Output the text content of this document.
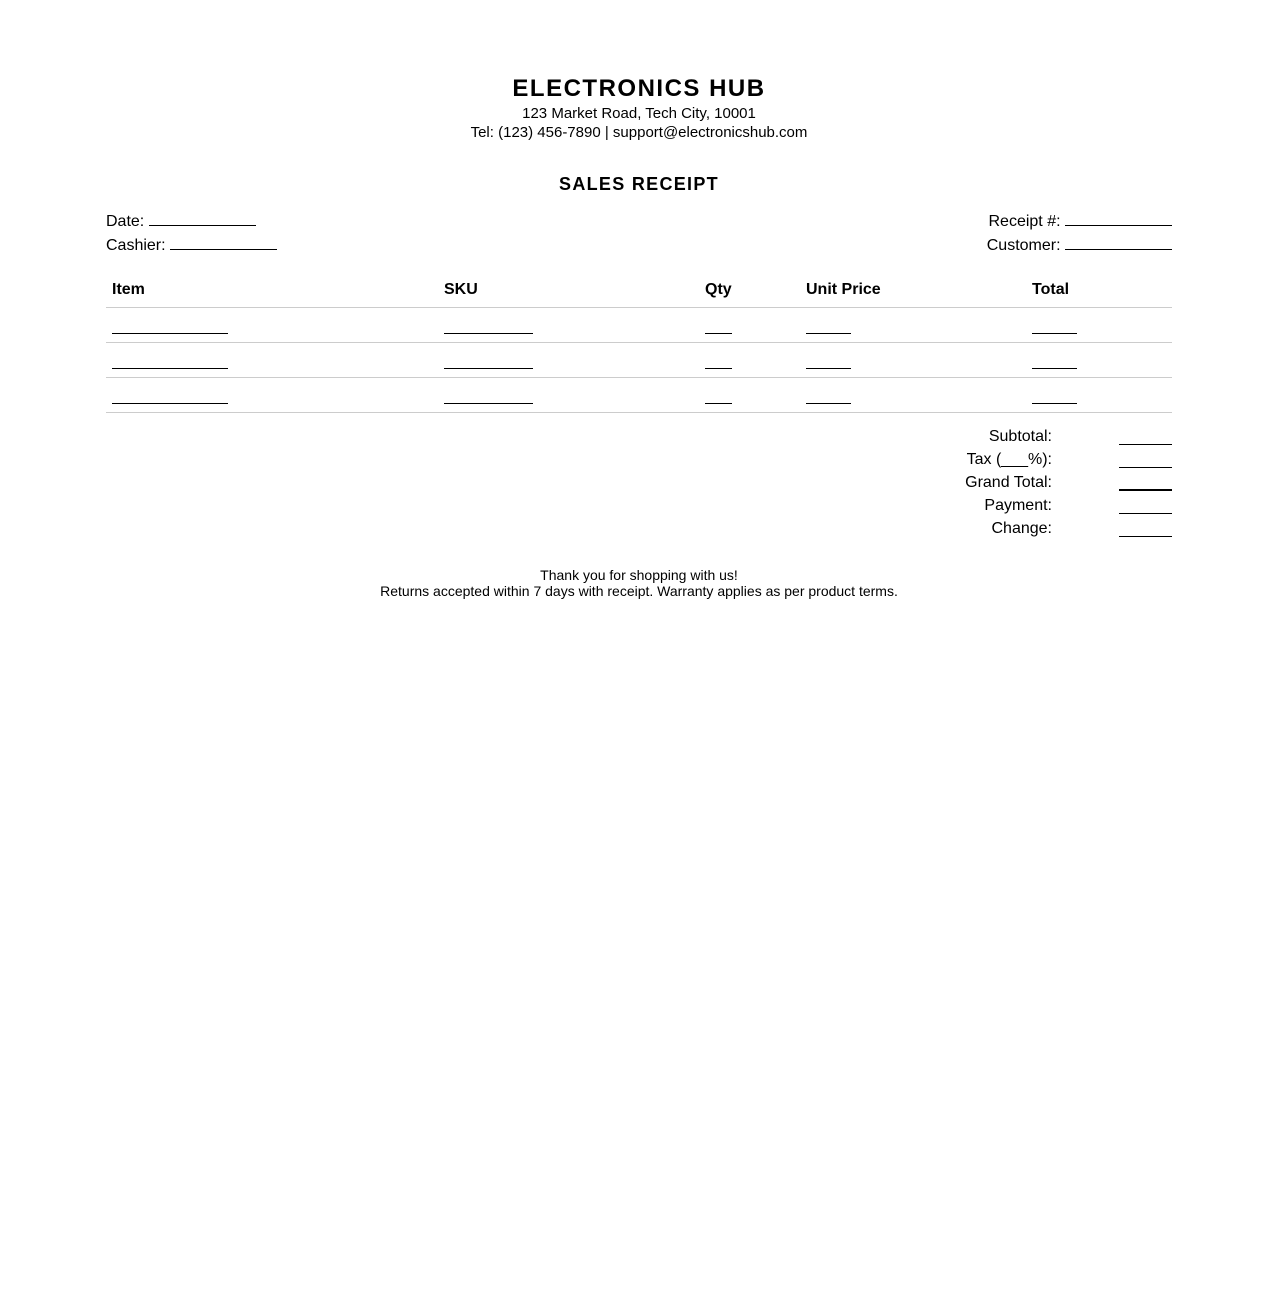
ELECTRONICS HUB
123 Market Road, Tech City, 10001
Tel: (123) 456-7890 | support@electronicshub.com
SALES RECEIPT
Date:
Cashier:
Receipt #:
Customer:
Item	SKU	Qty	Unit Price	Total

Subtotal:
Tax (___%):
Grand Total:
Payment:
Change:
Thank you for shopping with us!
Returns accepted within 7 days with receipt. Warranty applies as per product terms.
